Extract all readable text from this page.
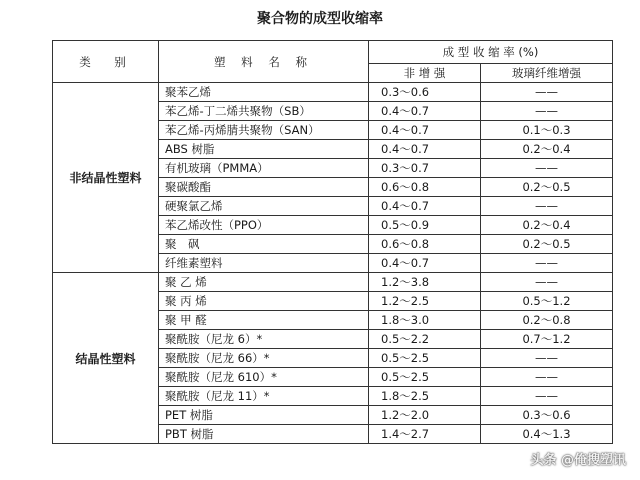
聚合物的成型收缩率
类　别	塑 料 名 称	成 型 收 缩 率 (%)	
		非 增 强	玻璃纤维增强
非结晶性塑料	聚苯乙烯	0.3～0.6	——
	苯乙烯-丁二烯共聚物（SB）	0.4～0.7	——
	苯乙烯-丙烯腈共聚物（SAN）	0.4～0.7	0.1～0.3
	ABS 树脂	0.4～0.7	0.2～0.4
	有机玻璃（PMMA）	0.3～0.7	——
	聚碳酸酯	0.6～0.8	0.2～0.5
	硬聚氯乙烯	0.4～0.7	——
	苯乙烯改性（PPO）	0.5～0.9	0.2～0.4
	聚　砜	0.6～0.8	0.2～0.5
	纤维素塑料	0.4～0.7	——
结晶性塑料	聚 乙 烯	1.2～3.8	——
	聚 丙 烯	1.2～2.5	0.5～1.2
	聚 甲 醛	1.8～3.0	0.2～0.8
	聚酰胺（尼龙 6）*	0.5～2.2	0.7～1.2
	聚酰胺（尼龙 66）*	0.5～2.5	——
	聚酰胺（尼龙 610）*	0.5～2.5	——
	聚酰胺（尼龙 11）*	1.8～2.5	——
	PET 树脂	1.2～2.0	0.3～0.6
	PBT 树脂	1.4～2.7	0.4～1.3
头条 @俺搜塑讯
